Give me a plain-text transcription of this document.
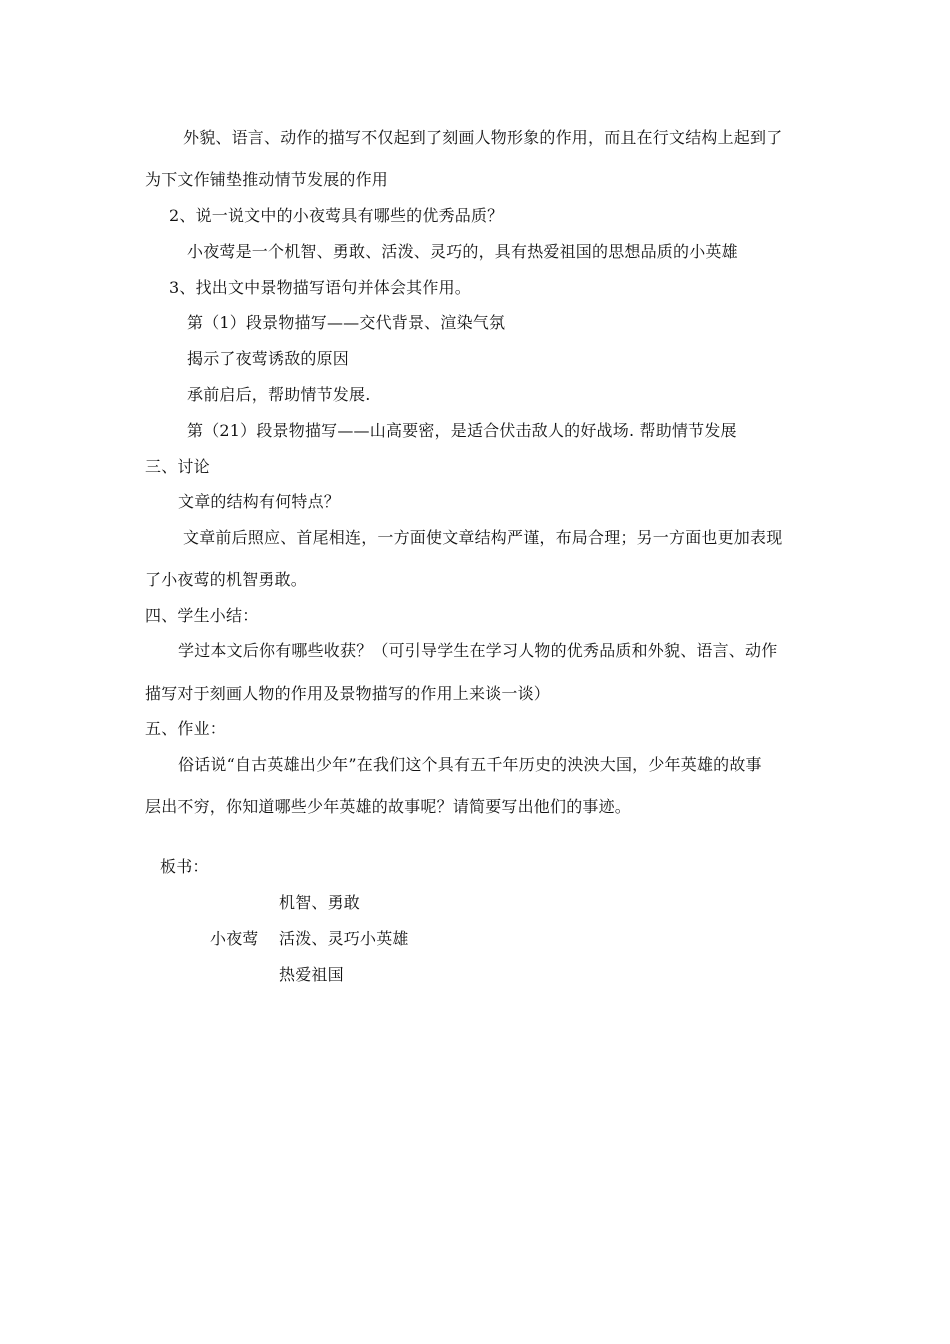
外貌、语言、动作的描写不仅起到了刻画人物形象的作用，而且在行文结构上起到了
为下文作铺垫推动情节发展的作用
2、说一说文中的小夜莺具有哪些的优秀品质？
小夜莺是一个机智、勇敢、活泼、灵巧的，具有热爱祖国的思想品质的小英雄
3、找出文中景物描写语句并体会其作用。
第（1）段景物描写——交代背景、渲染气氛
揭示了夜莺诱敌的原因
承前启后，帮助情节发展.
第（21）段景物描写——山高要密，是适合伏击敌人的好战场. 帮助情节发展
三、讨论
文章的结构有何特点？
文章前后照应、首尾相连，一方面使文章结构严谨，布局合理；另一方面也更加表现
了小夜莺的机智勇敢。
四、学生小结：
学过本文后你有哪些收获？（可引导学生在学习人物的优秀品质和外貌、语言、动作
描写对于刻画人物的作用及景物描写的作用上来谈一谈）
五、作业：
俗话说“自古英雄出少年”在我们这个具有五千年历史的泱泱大国，少年英雄的故事
层出不穷，你知道哪些少年英雄的故事呢？请简要写出他们的事迹。
板书：
机智、勇敢
小夜莺 活泼、灵巧小英雄
热爱祖国
